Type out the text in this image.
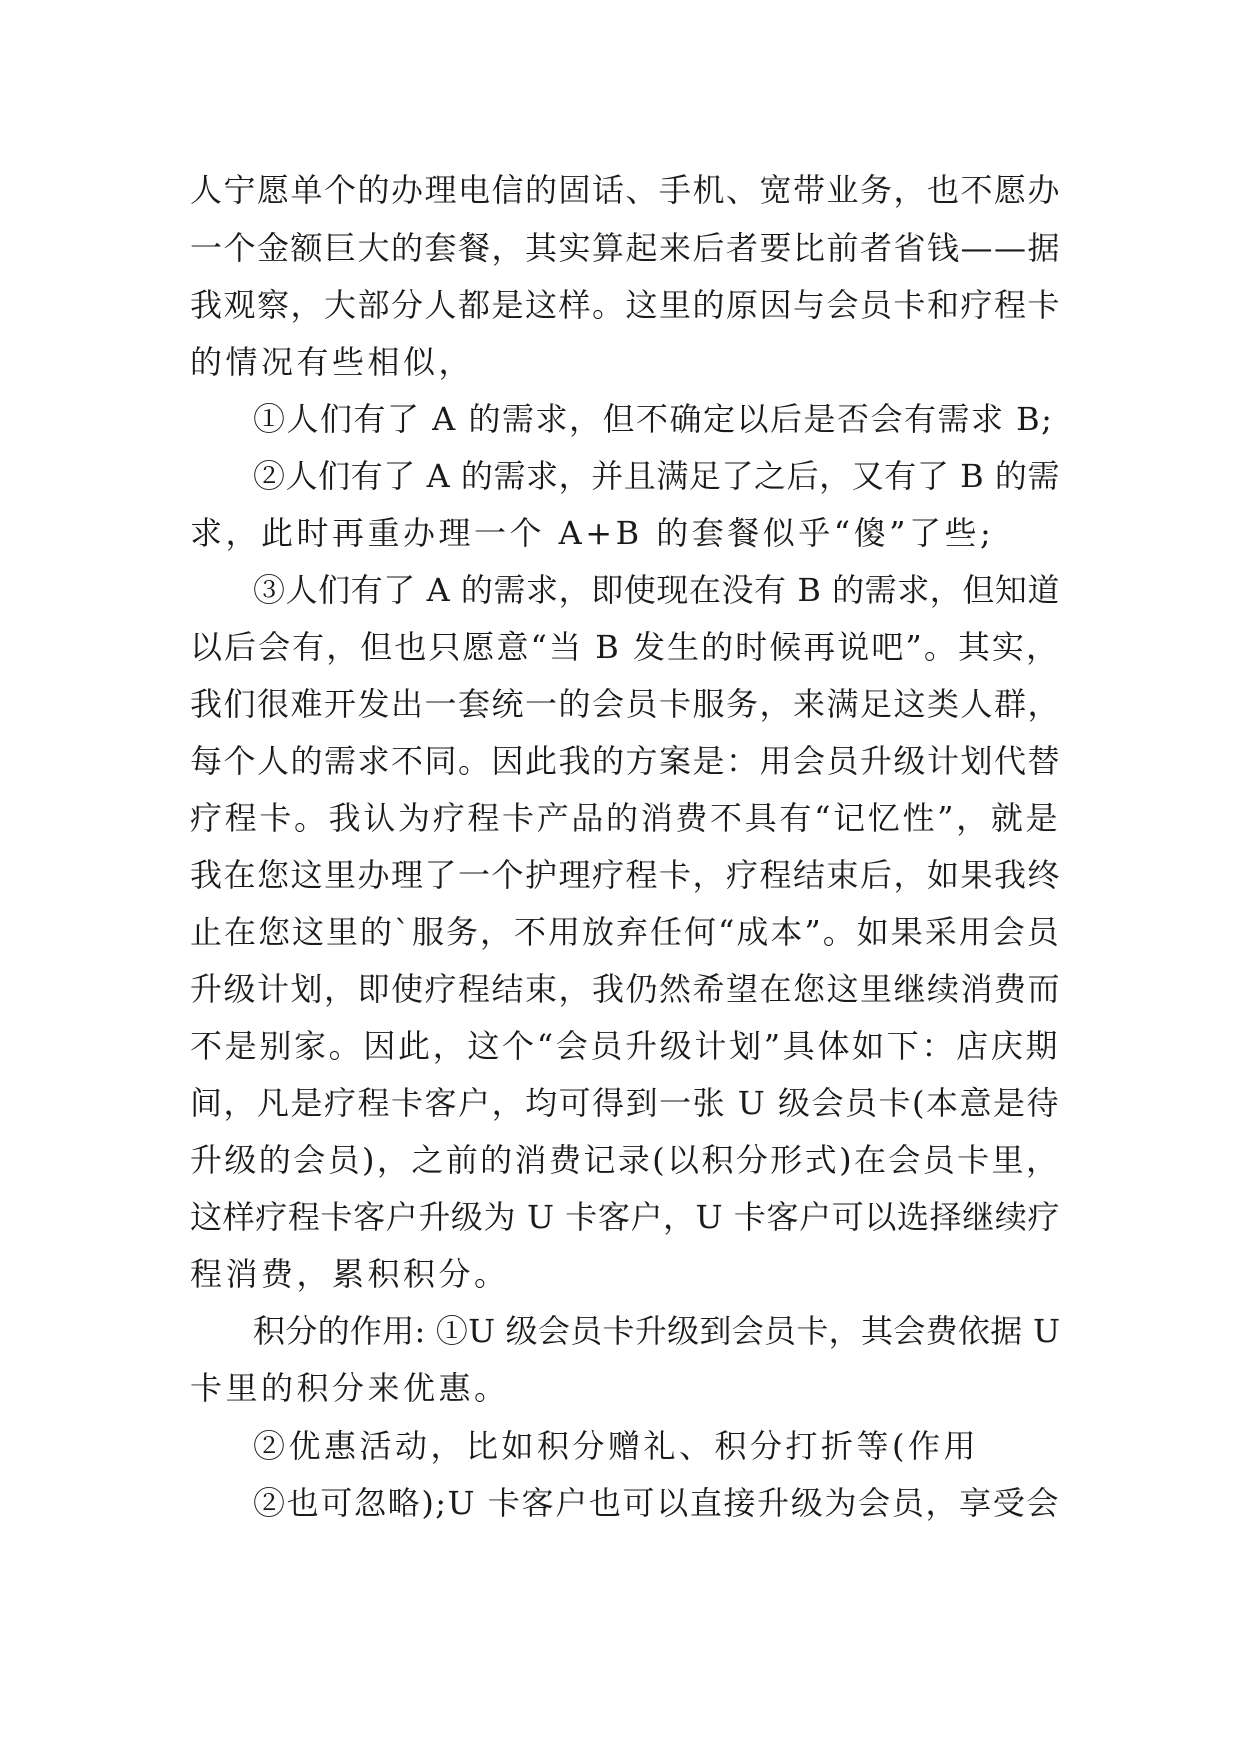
人宁愿单个的办理电信的固话、手机、宽带业务，也不愿办
一个金额巨大的套餐，其实算起来后者要比前者省钱——据
我观察，大部分人都是这样。这里的原因与会员卡和疗程卡
的情况有些相似，
①人们有了 A 的需求，但不确定以后是否会有需求 B;
②人们有了 A 的需求，并且满足了之后，又有了 B 的需
求，此时再重办理一个 A+B 的套餐似乎“傻”了些;
③人们有了 A 的需求，即使现在没有 B 的需求，但知道
以后会有，但也只愿意“当 B 发生的时候再说吧”。其实，
我们很难开发出一套统一的会员卡服务，来满足这类人群，
每个人的需求不同。因此我的方案是：用会员升级计划代替
疗程卡。我认为疗程卡产品的消费不具有“记忆性”，就是
我在您这里办理了一个护理疗程卡，疗程结束后，如果我终
止在您这里的`服务，不用放弃任何“成本”。如果采用会员
升级计划，即使疗程结束，我仍然希望在您这里继续消费而
不是别家。因此，这个“会员升级计划”具体如下：店庆期
间，凡是疗程卡客户，均可得到一张 U 级会员卡(本意是待
升级的会员)，之前的消费记录(以积分形式)在会员卡里，
这样疗程卡客户升级为 U 卡客户，U 卡客户可以选择继续疗
程消费，累积积分。
积分的作用: ①U 级会员卡升级到会员卡，其会费依据 U
卡里的积分来优惠。
②优惠活动，比如积分赠礼、积分打折等(作用
②也可忽略);U 卡客户也可以直接升级为会员，享受会
